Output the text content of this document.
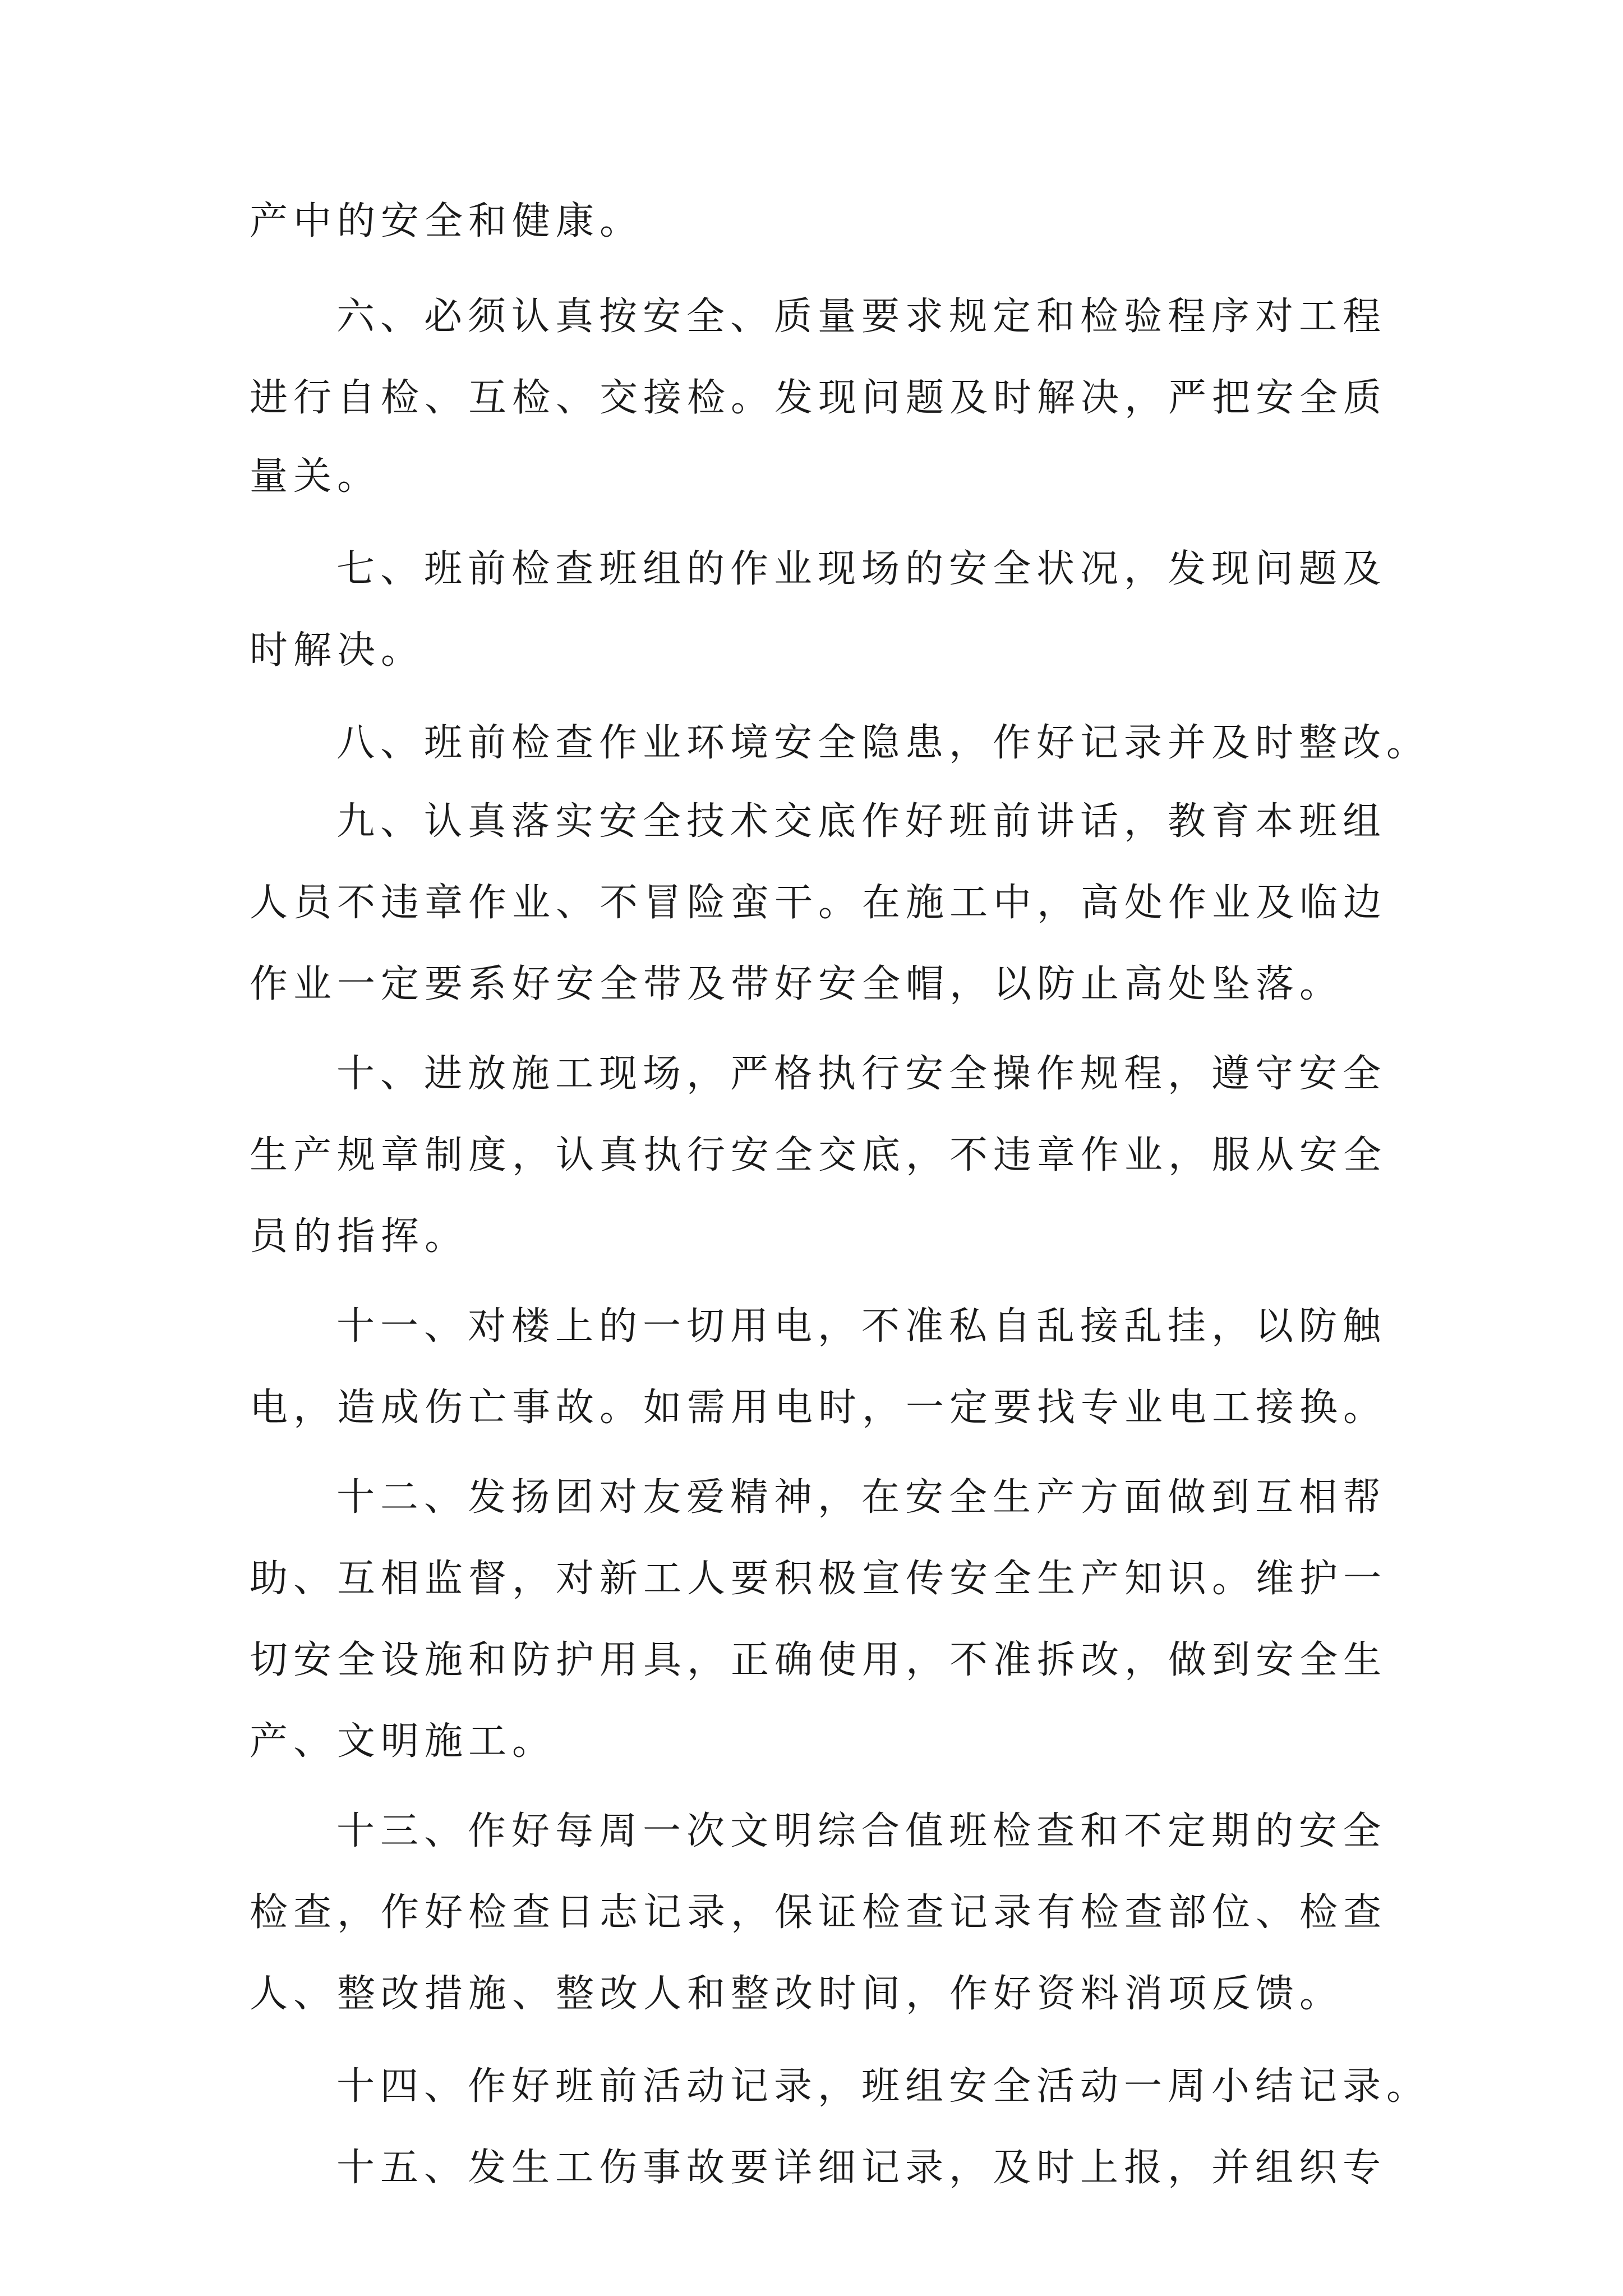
产中的安全和健康。
六、必须认真按安全、质量要求规定和检验程序对工程
进行自检、互检、交接检。发现问题及时解决，严把安全质
量关。
七、班前检查班组的作业现场的安全状况，发现问题及
时解决。
八、班前检查作业环境安全隐患，作好记录并及时整改。
九、认真落实安全技术交底作好班前讲话，教育本班组
人员不违章作业、不冒险蛮干。在施工中，高处作业及临边
作业一定要系好安全带及带好安全帽，以防止高处坠落。
十、进放施工现场，严格执行安全操作规程，遵守安全
生产规章制度，认真执行安全交底，不违章作业，服从安全
员的指挥。
十一、对楼上的一切用电，不准私自乱接乱挂，以防触
电，造成伤亡事故。如需用电时，一定要找专业电工接换。
十二、发扬团对友爱精神，在安全生产方面做到互相帮
助、互相监督，对新工人要积极宣传安全生产知识。维护一
切安全设施和防护用具，正确使用，不准拆改，做到安全生
产、文明施工。
十三、作好每周一次文明综合值班检查和不定期的安全
检查，作好检查日志记录，保证检查记录有检查部位、检查
人、整改措施、整改人和整改时间，作好资料消项反馈。
十四、作好班前活动记录，班组安全活动一周小结记录。
十五、发生工伤事故要详细记录，及时上报，并组织专
